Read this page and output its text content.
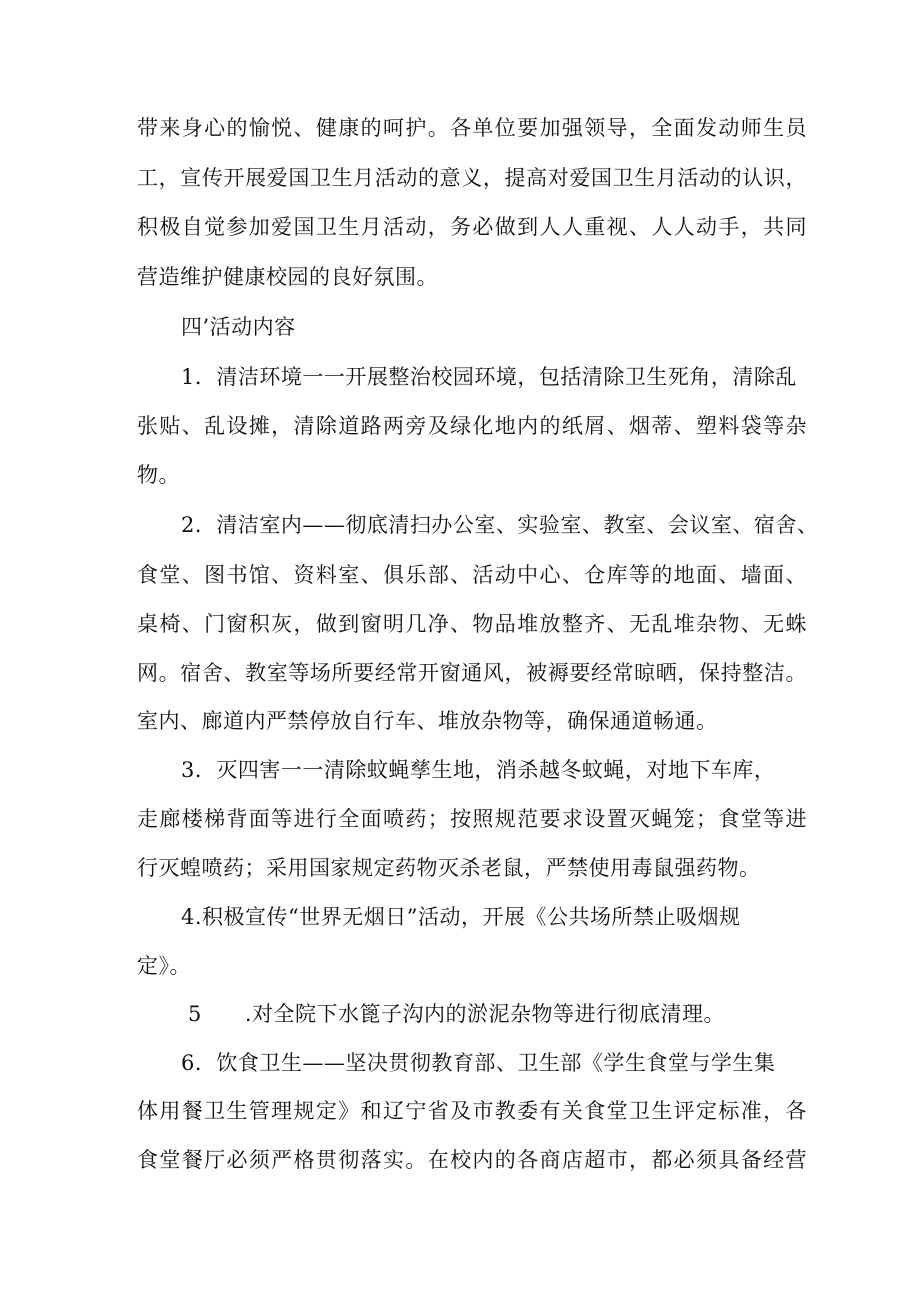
带来身心的愉悦、健康的呵护。各单位要加强领导，全面发动师生员
工，宣传开展爱国卫生月活动的意义，提高对爱国卫生月活动的认识，
积极自觉参加爱国卫生月活动，务必做到人人重视、人人动手，共同
营造维护健康校园的良好氛围。
四’活动内容
1．清洁环境一一开展整治校园环境，包括清除卫生死角，清除乱
张贴、乱设摊，清除道路两旁及绿化地内的纸屑、烟蒂、塑料袋等杂
物。
2．清洁室内——彻底清扫办公室、实验室、教室、会议室、宿舍、
食堂、图书馆、资料室、俱乐部、活动中心、仓库等的地面、墙面、
桌椅、门窗积灰，做到窗明几净、物品堆放整齐、无乱堆杂物、无蛛
网。宿舍、教室等场所要经常开窗通风，被褥要经常晾晒，保持整洁。
室内、廊道内严禁停放自行车、堆放杂物等，确保通道畅通。
3．灭四害一一清除蚊蝇孳生地，消杀越冬蚊蝇，对地下车库，
走廊楼梯背面等进行全面喷药；按照规范要求设置灭蝇笼；食堂等进
行灭蝗喷药；采用国家规定药物灭杀老鼠，严禁使用毒鼠强药物。
4.积极宣传“世界无烟日”活动，开展《公共场所禁止吸烟规
定》。
5　　.对全院下水篦子沟内的淤泥杂物等进行彻底清理。
6．饮食卫生——坚决贯彻教育部、卫生部《学生食堂与学生集
体用餐卫生管理规定》和辽宁省及市教委有关食堂卫生评定标准，各
食堂餐厅必须严格贯彻落实。在校内的各商店超市，都必须具备经营
